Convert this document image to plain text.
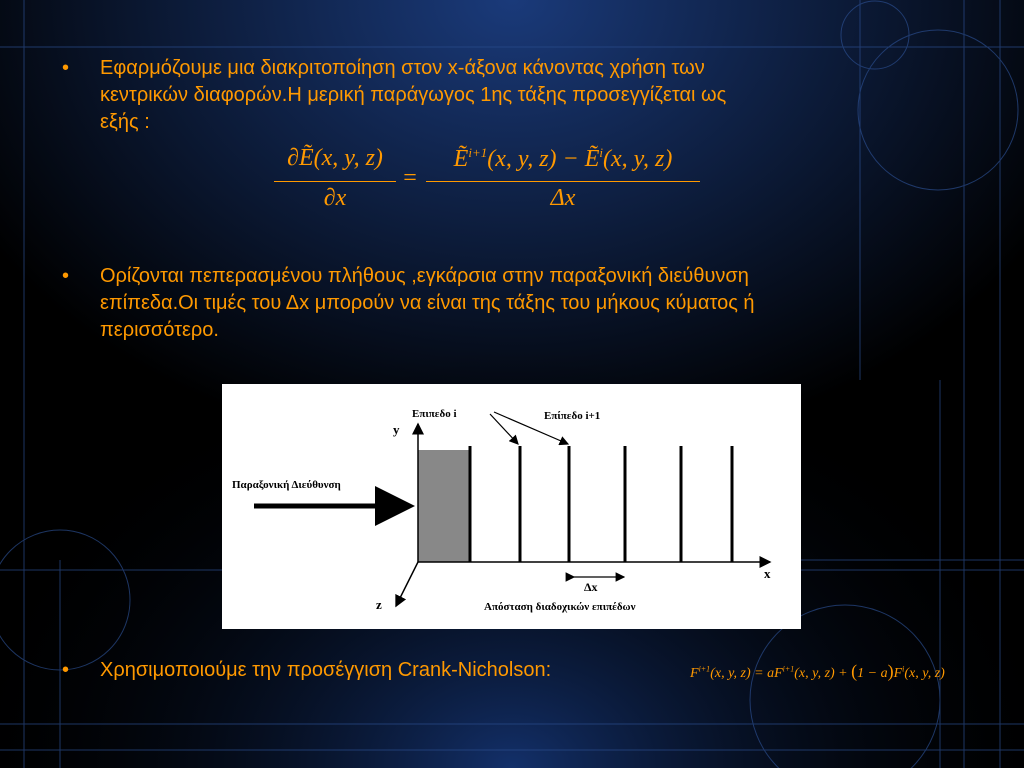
•	Εφαρμόζουμε μια διακριτοποίηση στον x-άξονα κάνοντας χρήση των
κεντρικών διαφορών.Η μερική παράγωγος 1ης τάξης προσεγγίζεται ως
εξής :
∂Ẽ(x, y, z)
∂x
=
Ẽ$^{i+1}$(x, y, z) − Ẽ$^i$(x, y, z)
Δx
•	Ορίζονται πεπερασμένου πλήθους ,εγκάρσια στην παραξονική διεύθυνση
επίπεδα.Οι τιμές του Δx μπορούν να είναι της τάξης του μήκους κύματος ή
περισσότερο.
Επιπεδο i	Επίπεδο i+1
y
Παραξονική Διεύθυνση
x
Δx
z	Απόσταση διαδοχικών επιπέδων
•	Χρησιμοποιούμε την προσέγγιση Crank-Nicholson:	$F^{i+1}(x$, y, $z) = aF^{i+1}(x$, y, $z) + (1 - a)F^i(x$, y, z)
